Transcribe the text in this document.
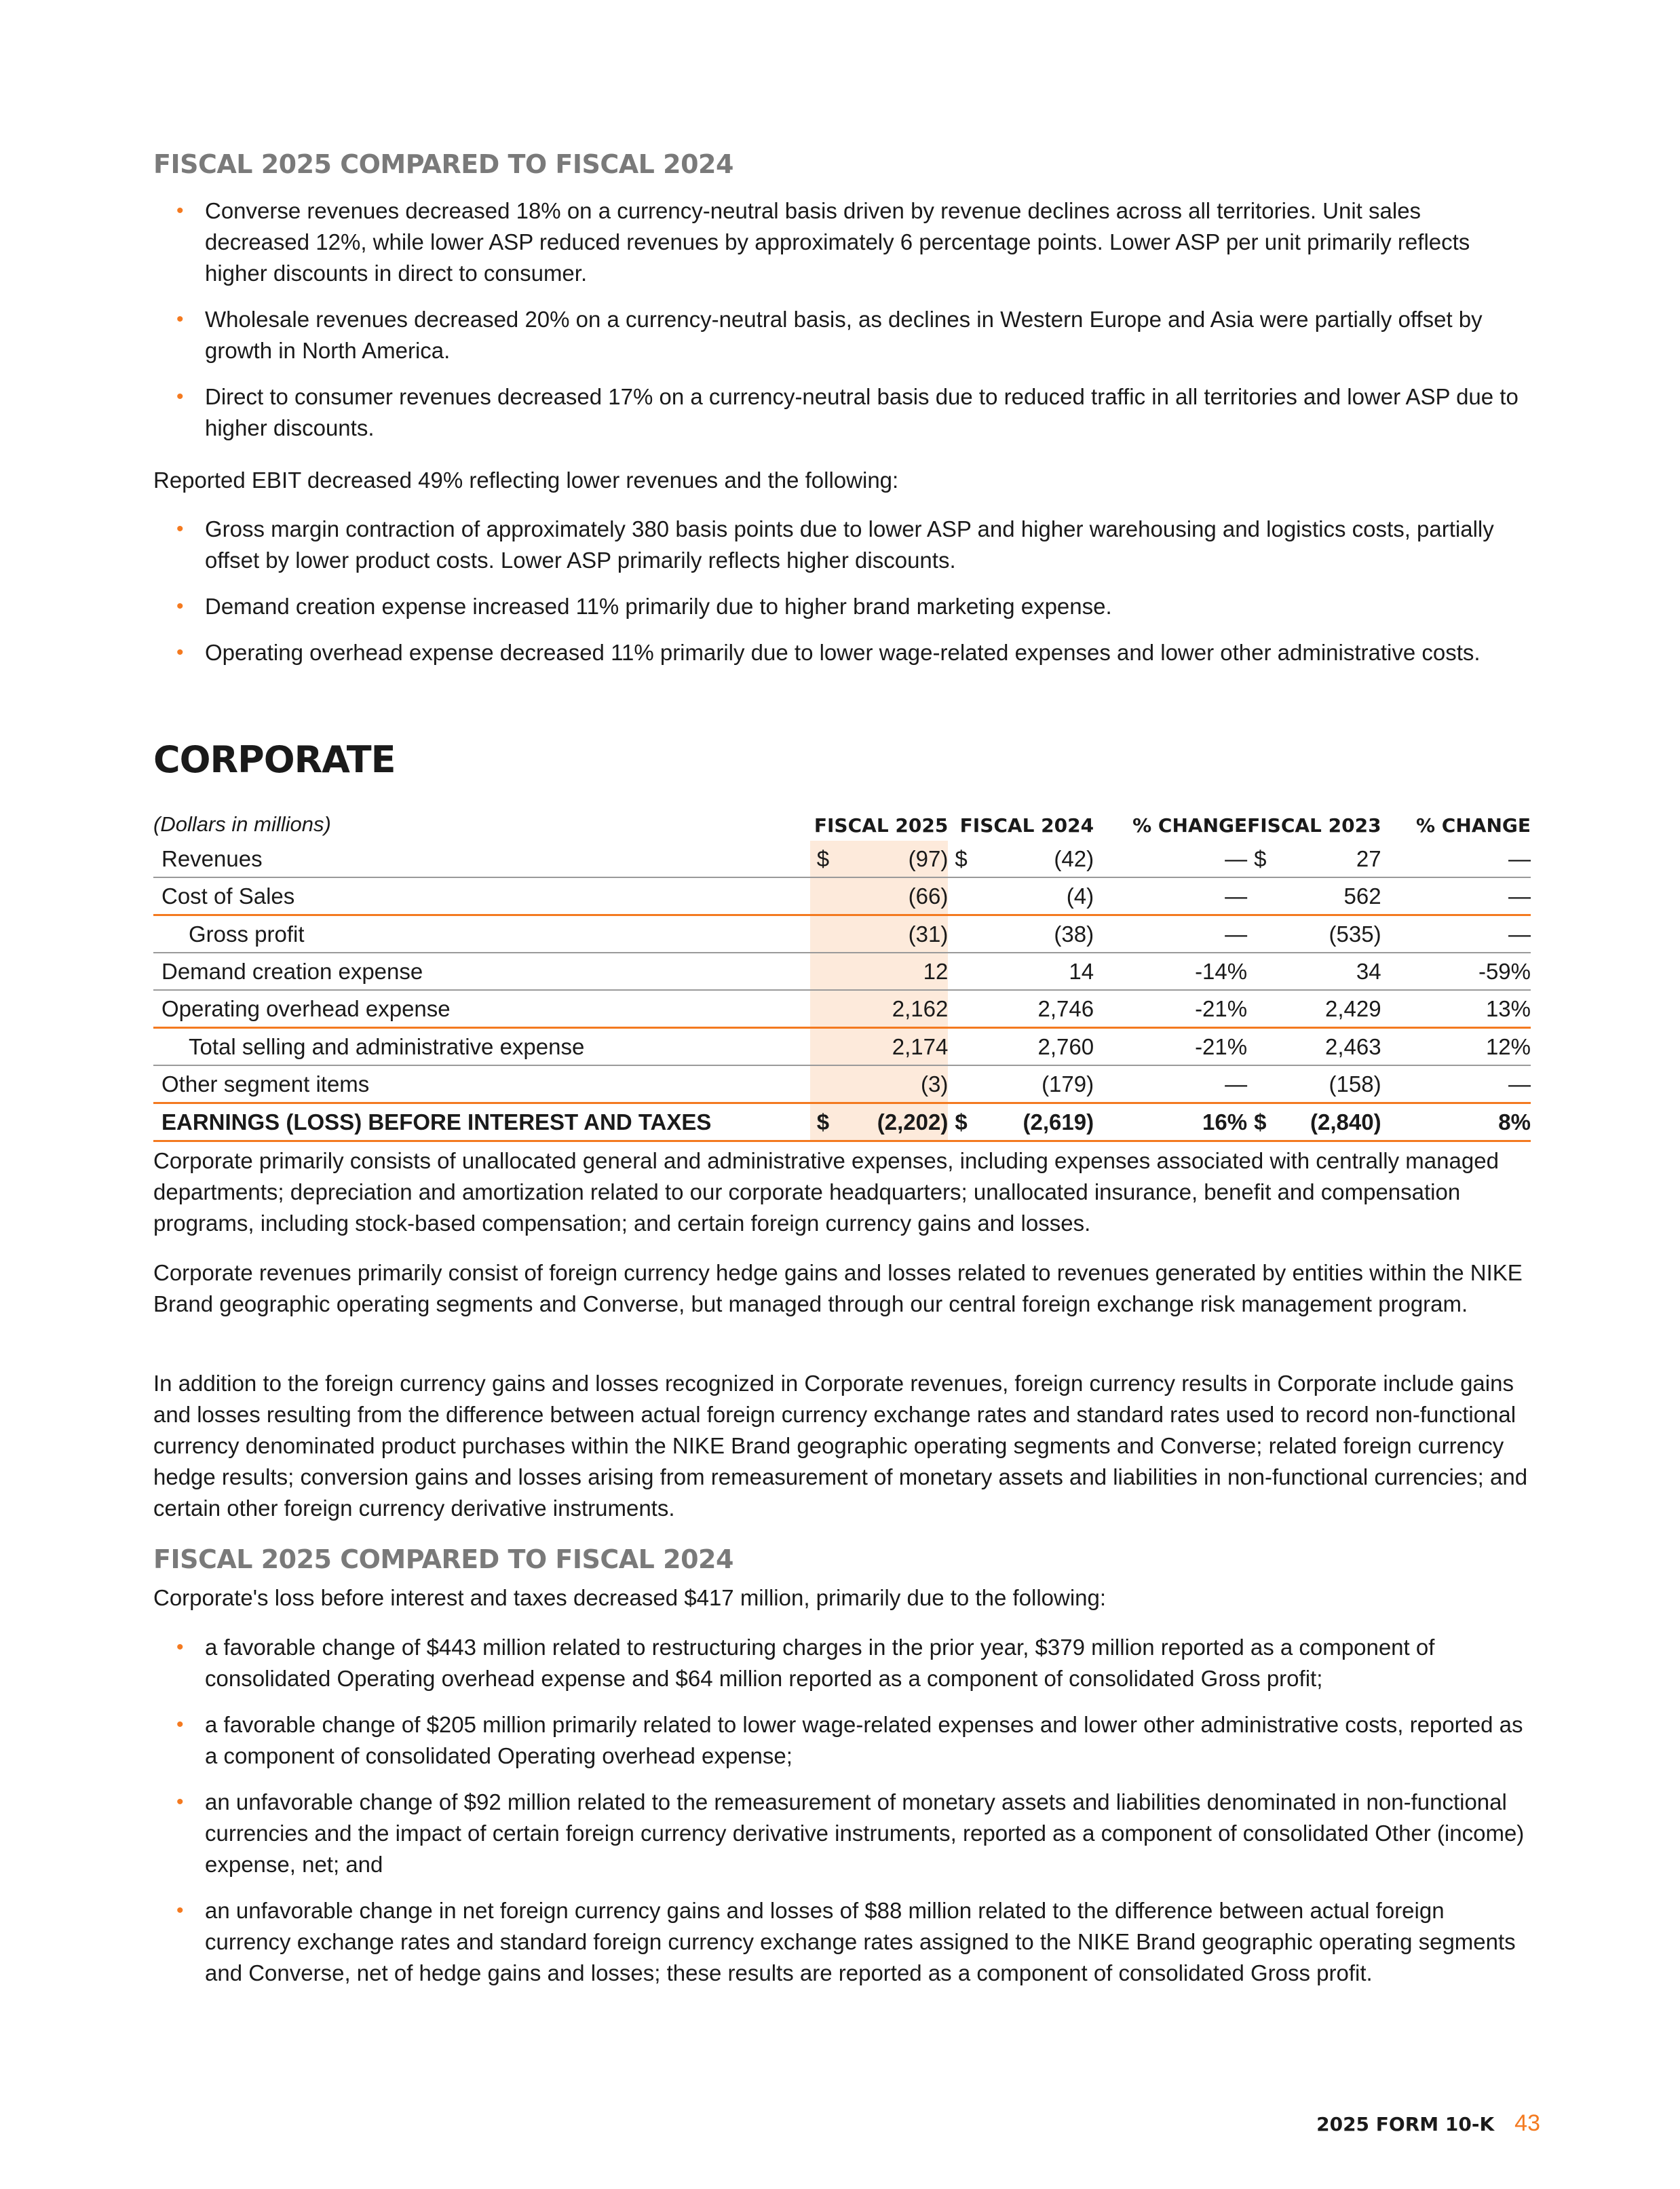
FISCAL 2025 COMPARED TO FISCAL 2024
• Converse revenues decreased 18% on a currency-neutral basis driven by revenue declines across all territories. Unit sales decreased 12%, while lower ASP reduced revenues by approximately 6 percentage points. Lower ASP per unit primarily reflects higher discounts in direct to consumer.
• Wholesale revenues decreased 20% on a currency-neutral basis, as declines in Western Europe and Asia were partially offset by growth in North America.
• Direct to consumer revenues decreased 17% on a currency-neutral basis due to reduced traffic in all territories and lower ASP due to higher discounts.

Reported EBIT decreased 49% reflecting lower revenues and the following:

• Gross margin contraction of approximately 380 basis points due to lower ASP and higher warehousing and logistics costs, partially offset by lower product costs. Lower ASP primarily reflects higher discounts.
• Demand creation expense increased 11% primarily due to higher brand marketing expense.
• Operating overhead expense decreased 11% primarily due to lower wage-related expenses and lower other administrative costs.
CORPORATE
(Dollars in millions)	FISCAL 2025		FISCAL 2024		% CHANGE	FISCAL 2023		% CHANGE
Revenues	$	(97)	$	(42)	—	$	27	—
Cost of Sales		(66)		(4)	—		562	—
Gross profit		(31)		(38)	—		(535)	—
Demand creation expense		12		14	-14%		34	-59%
Operating overhead expense		2,162		2,746	-21%		2,429	13%
Total selling and administrative expense		2,174		2,760	-21%		2,463	12%
Other segment items		(3)		(179)	—		(158)	—
EARNINGS (LOSS) BEFORE INTEREST AND TAXES	$	(2,202)	$	(2,619)	16%	$	(2,840)	8%

Corporate primarily consists of unallocated general and administrative expenses, including expenses associated with centrally managed departments; depreciation and amortization related to our corporate headquarters; unallocated insurance, benefit and compensation programs, including stock-based compensation; and certain foreign currency gains and losses.

Corporate revenues primarily consist of foreign currency hedge gains and losses related to revenues generated by entities within the NIKE Brand geographic operating segments and Converse, but managed through our central foreign exchange risk management program.

In addition to the foreign currency gains and losses recognized in Corporate revenues, foreign currency results in Corporate include gains and losses resulting from the difference between actual foreign currency exchange rates and standard rates used to record non-functional currency denominated product purchases within the NIKE Brand geographic operating segments and Converse; related foreign currency hedge results; conversion gains and losses arising from remeasurement of monetary assets and liabilities in non-functional currencies; and certain other foreign currency derivative instruments.

FISCAL 2025 COMPARED TO FISCAL 2024

Corporate's loss before interest and taxes decreased $417 million, primarily due to the following:

• a favorable change of $443 million related to restructuring charges in the prior year, $379 million reported as a component of consolidated Operating overhead expense and $64 million reported as a component of consolidated Gross profit;
• a favorable change of $205 million primarily related to lower wage-related expenses and lower other administrative costs, reported as a component of consolidated Operating overhead expense;
• an unfavorable change of $92 million related to the remeasurement of monetary assets and liabilities denominated in non-functional currencies and the impact of certain foreign currency derivative instruments, reported as a component of consolidated Other (income) expense, net; and
• an unfavorable change in net foreign currency gains and losses of $88 million related to the difference between actual foreign currency exchange rates and standard foreign currency exchange rates assigned to the NIKE Brand geographic operating segments and Converse, net of hedge gains and losses; these results are reported as a component of consolidated Gross profit.
2025 FORM 10-K 43
